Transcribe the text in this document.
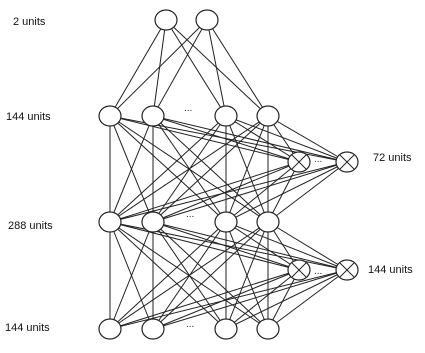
2 units
144 units
288 units
144 units
72 units
144 units
...
...
...
...
...
